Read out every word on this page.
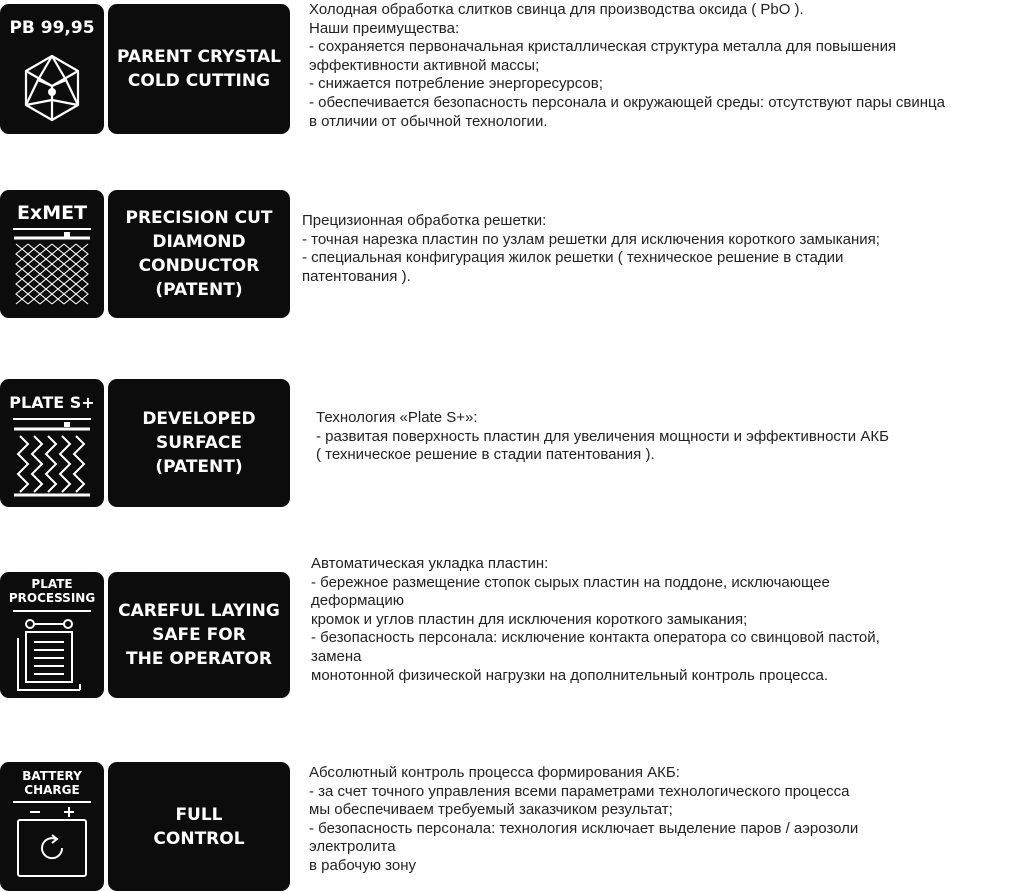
PB 99,95
PARENT CRYSTAL
COLD CUTTING

Холодная обработка слитков свинца для производства оксида ( PbO ).
Наши преимущества:
- сохраняется первоначальная кристаллическая структура металла для повышения
эффективности активной массы;
- снижается потребление энергоресурсов;
- обеспечивается безопасность персонала и окружающей среды: отсутствуют пары свинца
в отличии от обычной технологии.

ExMET	PRECISION CUT
DIAMOND
CONDUCTOR
(PATENT)

Прецизионная обработка решетки:
- точная нарезка пластин по узлам решетки для исключения короткого замыкания;
- специальная конфигурация жилок решетки ( техническое решение в стадии
патентования ).

PLATE S+
DEVELOPED
SURFACE
(PATENT)

Технология «Plate S+»:
- развитая поверхность пластин для увеличения мощности и эффективности АКБ
( техническое решение в стадии патентования ).

PLATE
PROCESSING
CAREFUL LAYING
SAFE FOR
THE OPERATOR

Автоматическая укладка пластин:
- бережное размещение стопок сырых пластин на поддоне, исключающее
деформацию
кромок и углов пластин для исключения короткого замыкания;
- безопасность персонала: исключение контакта оператора со свинцовой пастой,
замена
монотонной физической нагрузки на дополнительный контроль процесса.

BATTERY
CHARGE
FULL
CONTROL

Абсолютный контроль процесса формирования АКБ:
- за счет точного управления всеми параметрами технологического процесса
мы обеспечиваем требуемый заказчиком результат;
- безопасность персонала: технология исключает выделение паров / аэрозоли
электролита
в рабочую зону
